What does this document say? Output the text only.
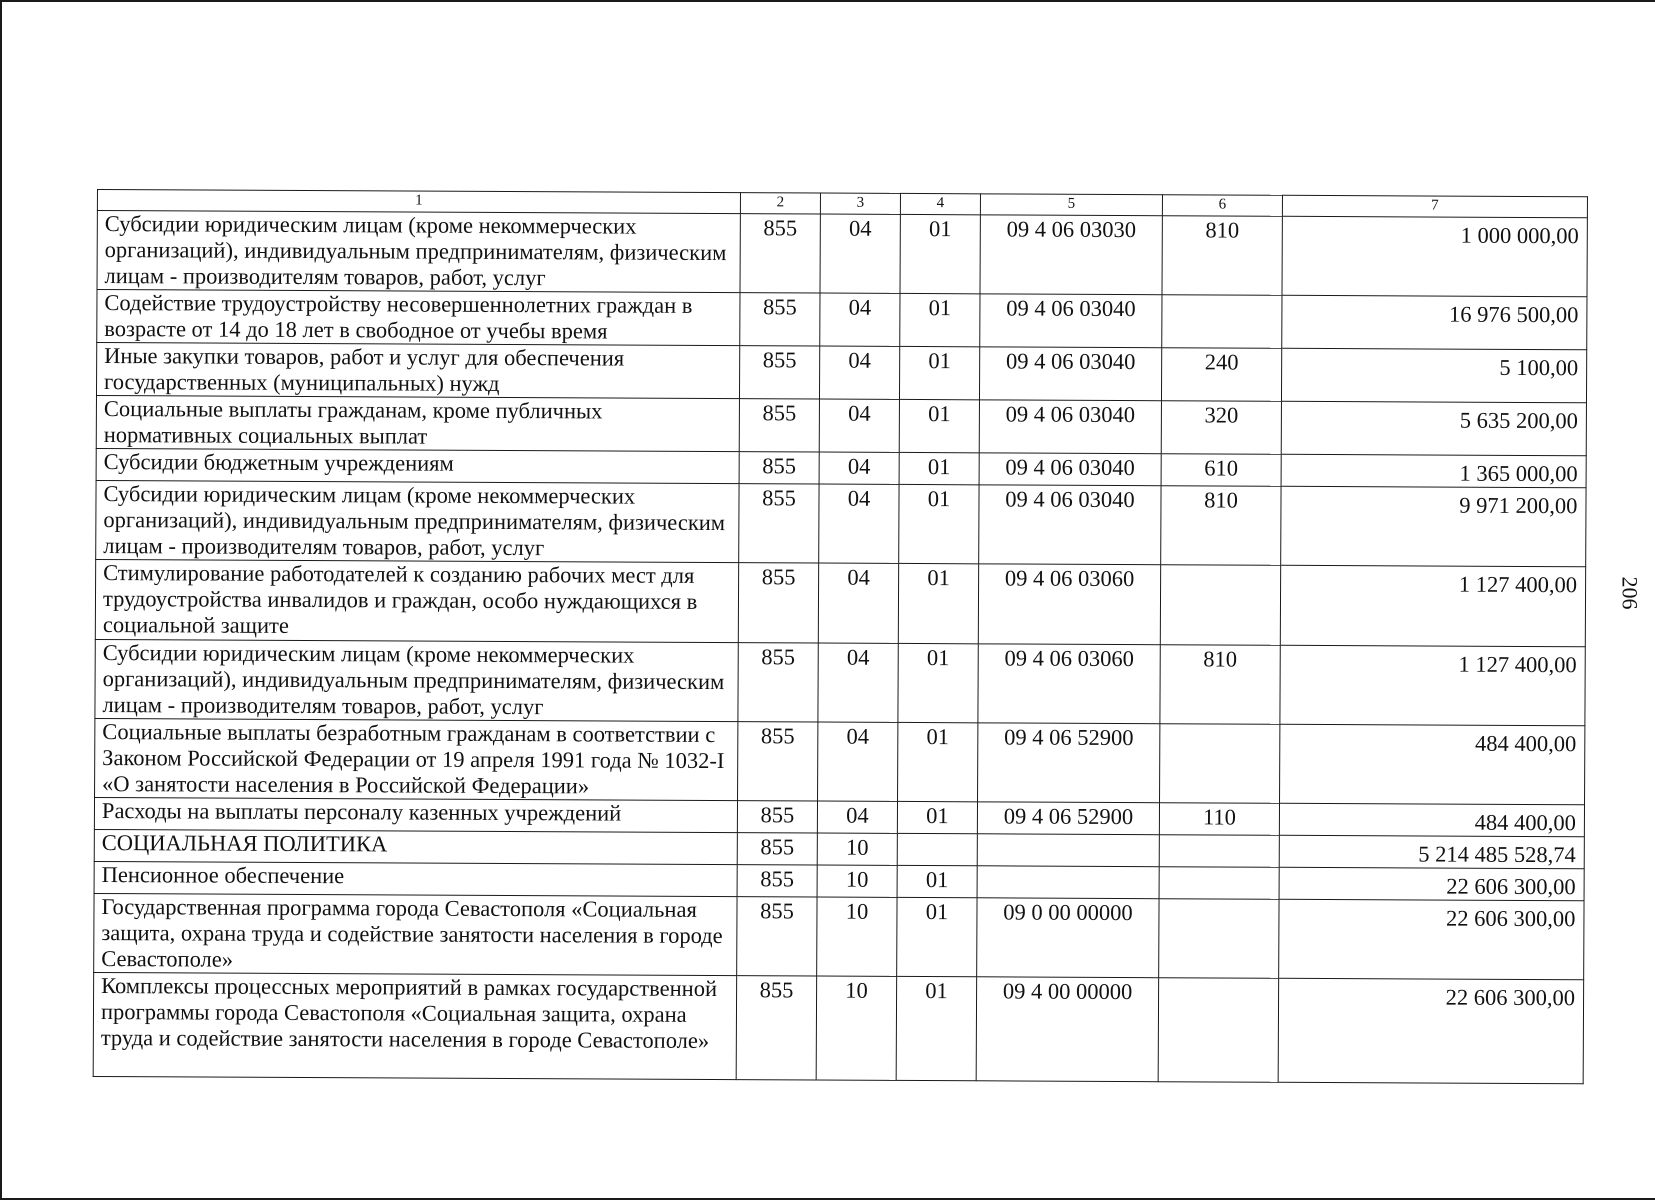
1	2	3	4	5	6	7
Субсидии юридическим лицам (кроме некоммерческих организаций), индивидуальным предпринимателям, физическим лицам - производителям товаров, работ, услуг	855	04	01	09 4 06 03030	810	1 000 000,00
Содействие трудоустройству несовершеннолетних граждан в возрасте от 14 до 18 лет в свободное от учебы время	855	04	01	09 4 06 03040		16 976 500,00
Иные закупки товаров, работ и услуг для обеспечения государственных (муниципальных) нужд	855	04	01	09 4 06 03040	240	5 100,00
Социальные выплаты гражданам, кроме публичных нормативных социальных выплат	855	04	01	09 4 06 03040	320	5 635 200,00
Субсидии бюджетным учреждениям	855	04	01	09 4 06 03040	610	1 365 000,00
Субсидии юридическим лицам (кроме некоммерческих организаций), индивидуальным предпринимателям, физическим лицам - производителям товаров, работ, услуг	855	04	01	09 4 06 03040	810	9 971 200,00
Стимулирование работодателей к созданию рабочих мест для трудоустройства инвалидов и граждан, особо нуждающихся в социальной защите	855	04	01	09 4 06 03060		1 127 400,00
Субсидии юридическим лицам (кроме некоммерческих организаций), индивидуальным предпринимателям, физическим лицам - производителям товаров, работ, услуг	855	04	01	09 4 06 03060	810	1 127 400,00
Социальные выплаты безработным гражданам в соответствии с Законом Российской Федерации от 19 апреля 1991 года № 1032-I «О занятости населения в Российской Федерации»	855	04	01	09 4 06 52900		484 400,00
Расходы на выплаты персоналу казенных учреждений	855	04	01	09 4 06 52900	110	484 400,00
СОЦИАЛЬНАЯ ПОЛИТИКА	855	10				5 214 485 528,74
Пенсионное обеспечение	855	10	01			22 606 300,00
Государственная программа города Севастополя «Социальная защита, охрана труда и содействие занятости населения в городе Севастополе»	855	10	01	09 0 00 00000		22 606 300,00
Комплексы процессных мероприятий в рамках государственной программы города Севастополя «Социальная защита, охрана труда и содействие занятости населения в городе Севастополе»	855	10	01	09 4 00 00000		22 606 300,00
206
